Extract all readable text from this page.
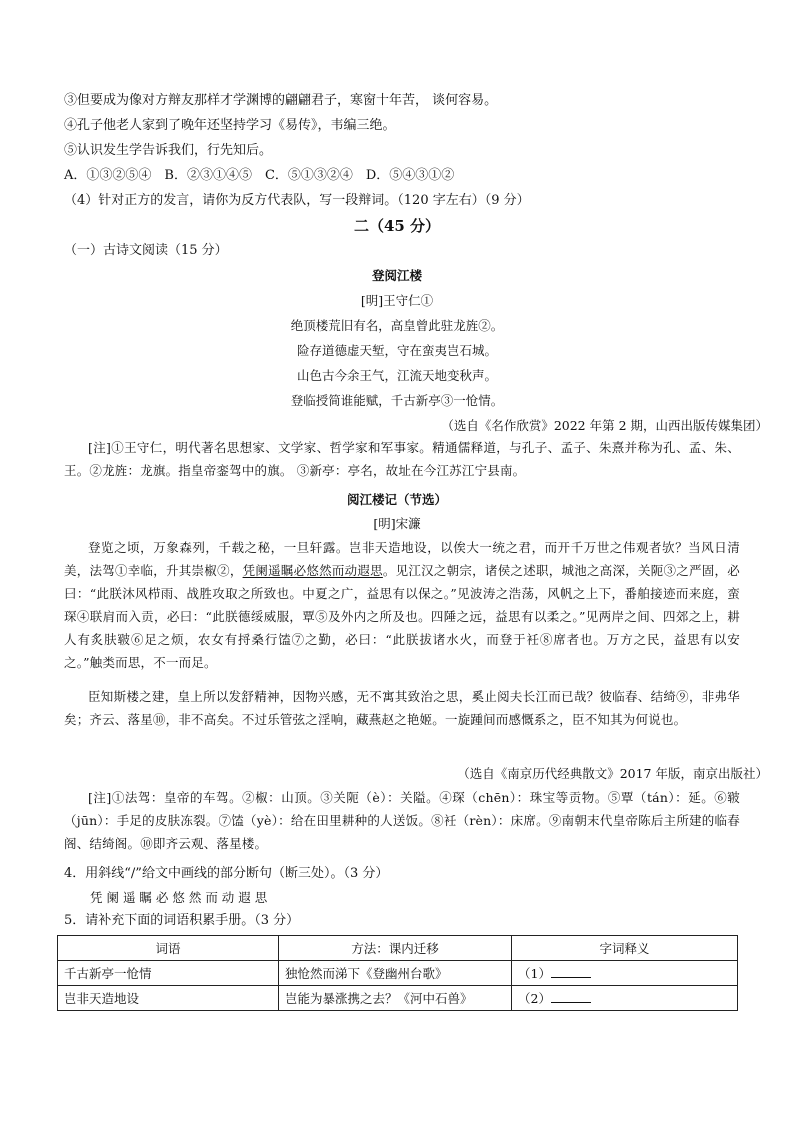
③但要成为像对方辩友那样才学渊博的翩翩君子，寒窗十年苦， 谈何容易。
④孔子他老人家到了晚年还坚持学习《易传》，韦编三绝。
⑤认识发生学告诉我们，行先知后。
A．①③②⑤④　B．②③①④⑤　C．⑤①③②④　D．⑤④③①②
（4）针对正方的发言，请你为反方代表队，写一段辩词。（120 字左右）（9 分）
二（45 分）
（一）古诗文阅读（15 分）
登阅江楼
[明]王守仁①
绝顶楼荒旧有名，高皇曾此驻龙旌②。
险存道德虚天堑，守在蛮夷岂石城。
山色古今余王气，江流天地变秋声。
登临授简谁能赋，千古新亭③一怆情。
（选自《名作欣赏》2022 年第 2 期，山西出版传媒集团）
[注]①王守仁，明代著名思想家、文学家、哲学家和军事家。精通儒释道，与孔子、孟子、朱熹并称为孔、孟、朱、王。②龙旌：龙旗。指皇帝銮驾中的旗。 ③新亭：亭名，故址在今江苏江宁县南。
阅江楼记（节选）
[明]宋濂
登览之顷，万象森列，千载之秘，一旦轩露。岂非天造地设，以俟大一统之君，而开千万世之伟观者欤？当风日清美，法驾①幸临，升其崇椒②，凭阑遥瞩必悠然而动遐思。见江汉之朝宗，诸侯之述职，城池之高深，关阨③之严固，必曰：“此朕沐风栉雨、战胜攻取之所致也。中夏之广，益思有以保之。”见波涛之浩荡，风帆之上下，番舶接迹而来庭，蛮琛④联肩而入贡，必曰：“此朕德绥威服，覃⑤及外内之所及也。四陲之远，益思有以柔之。”见两岸之间、四郊之上，耕人有炙肤皲⑥足之烦，农女有捋桑行馌⑦之勤，必曰：“此朕拔诸水火，而登于衽⑧席者也。万方之民，益思有以安之。”触类而思，不一而足。
臣知斯楼之建，皇上所以发舒精神，因物兴感，无不寓其致治之思，奚止阅夫长江而已哉？彼临春、结绮⑨，非弗华矣；齐云、落星⑩，非不高矣。不过乐管弦之淫响，藏燕赵之艳姬。一旋踵间而感慨系之，臣不知其为何说也。
（选自《南京历代经典散文》2017 年版，南京出版社）
[注]①法驾：皇帝的车驾。②椒：山顶。③关阨（è）：关隘。④琛（chēn）：珠宝等贡物。⑤覃（tán）：延。⑥皲（jūn）：手足的皮肤冻裂。⑦馌（yè）：给在田里耕种的人送饭。⑧衽（rèn）：床席。⑨南朝末代皇帝陈后主所建的临春阁、结绮阁。⑩即齐云观、落星楼。
4．用斜线“/”给文中画线的部分断句（断三处）。（3 分）
凭 阑 遥 瞩 必 悠 然 而 动 遐 思
5．请补充下面的词语积累手册。（3 分）
词语	方法：课内迁移	字词释义
千古新亭一怆情	独怆然而涕下《登幽州台歌》	（1）
岂非天造地设	岂能为暴涨携之去？《河中石兽》	（2）
